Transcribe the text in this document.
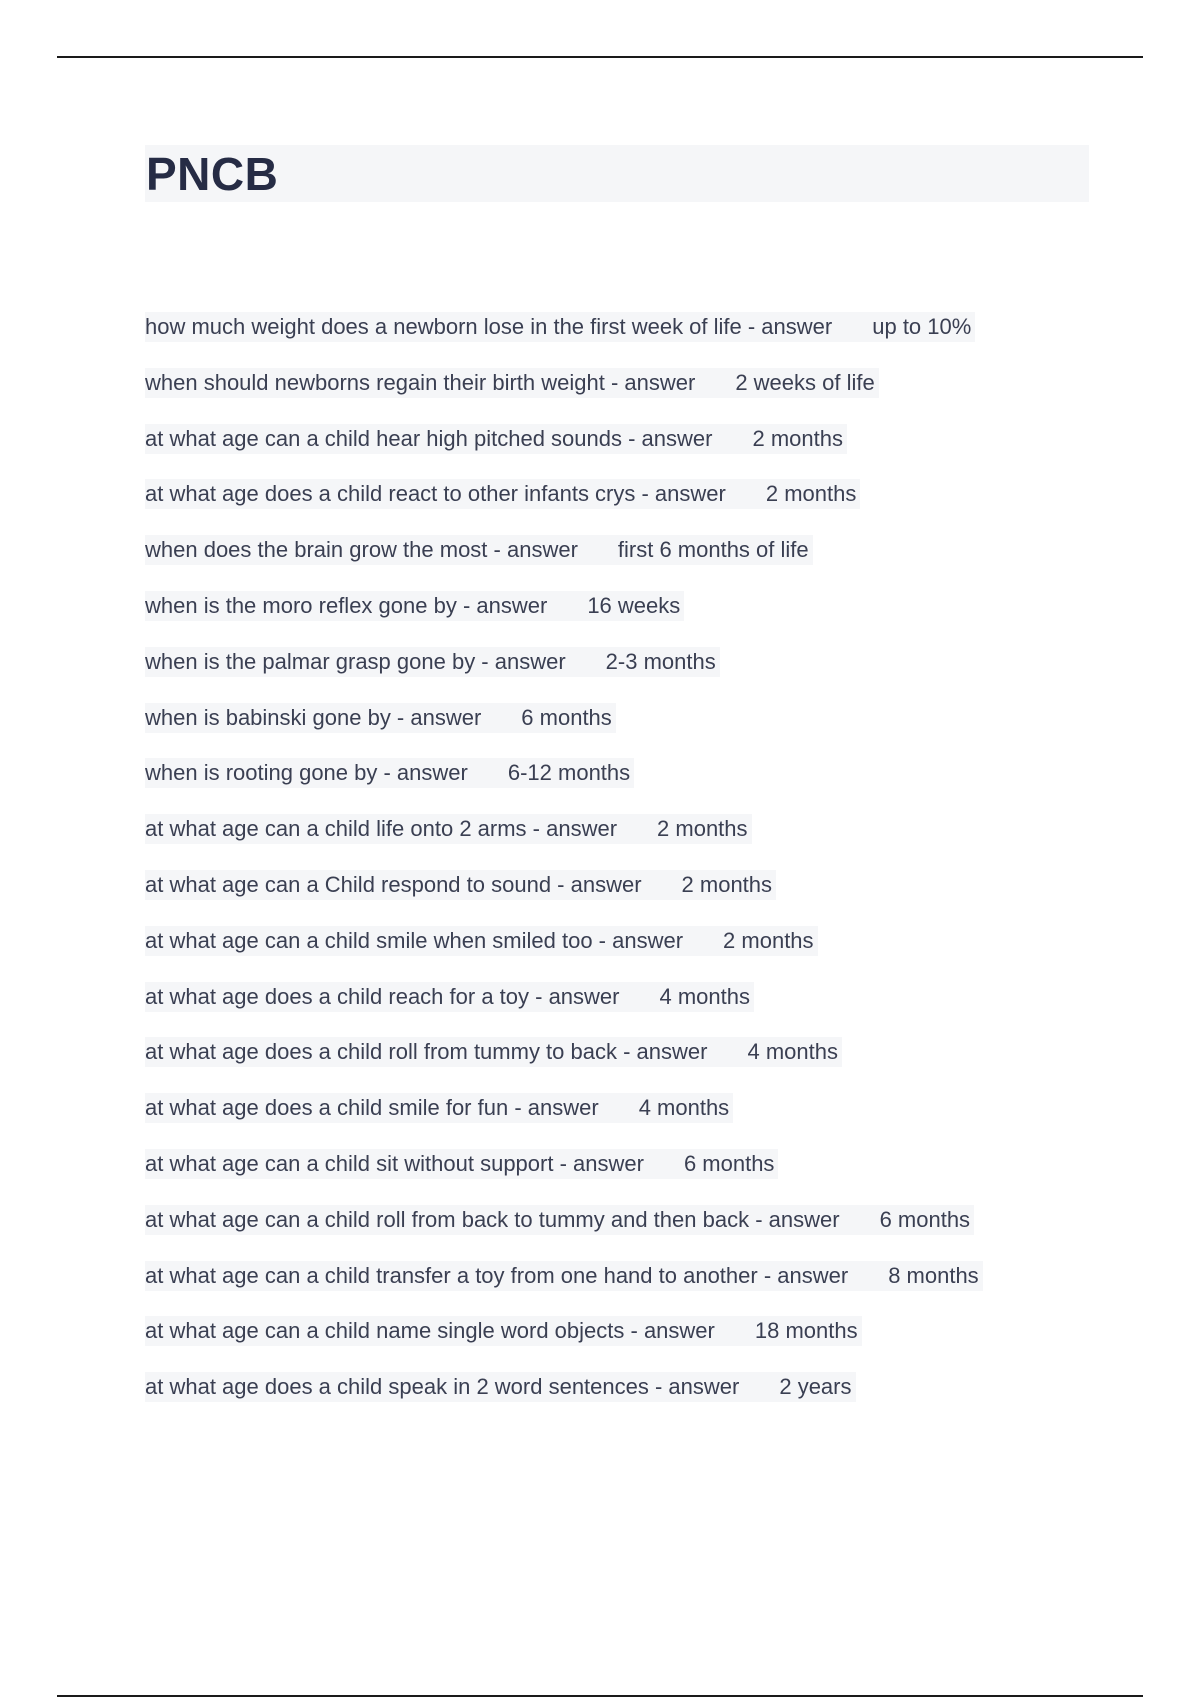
PNCB
how much weight does a newborn lose in the first week of life - answer	up to 10%
when should newborns regain their birth weight - answer	2 weeks of life
at what age can a child hear high pitched sounds - answer	2 months
at what age does a child react to other infants crys - answer	2 months
when does the brain grow the most - answer	first 6 months of life
when is the moro reflex gone by - answer	16 weeks
when is the palmar grasp gone by - answer	2-3 months
when is babinski gone by - answer	6 months
when is rooting gone by - answer	6-12 months
at what age can a child life onto 2 arms - answer	2 months
at what age can a Child respond to sound - answer	2 months
at what age can a child smile when smiled too - answer	2 months
at what age does a child reach for a toy - answer	4 months
at what age does a child roll from tummy to back - answer	4 months
at what age does a child smile for fun - answer	4 months
at what age can a child sit without support - answer	6 months
at what age can a child roll from back to tummy and then back - answer	6 months
at what age can a child transfer a toy from one hand to another - answer	8 months
at what age can a child name single word objects - answer	18 months
at what age does a child speak in 2 word sentences - answer	2 years
